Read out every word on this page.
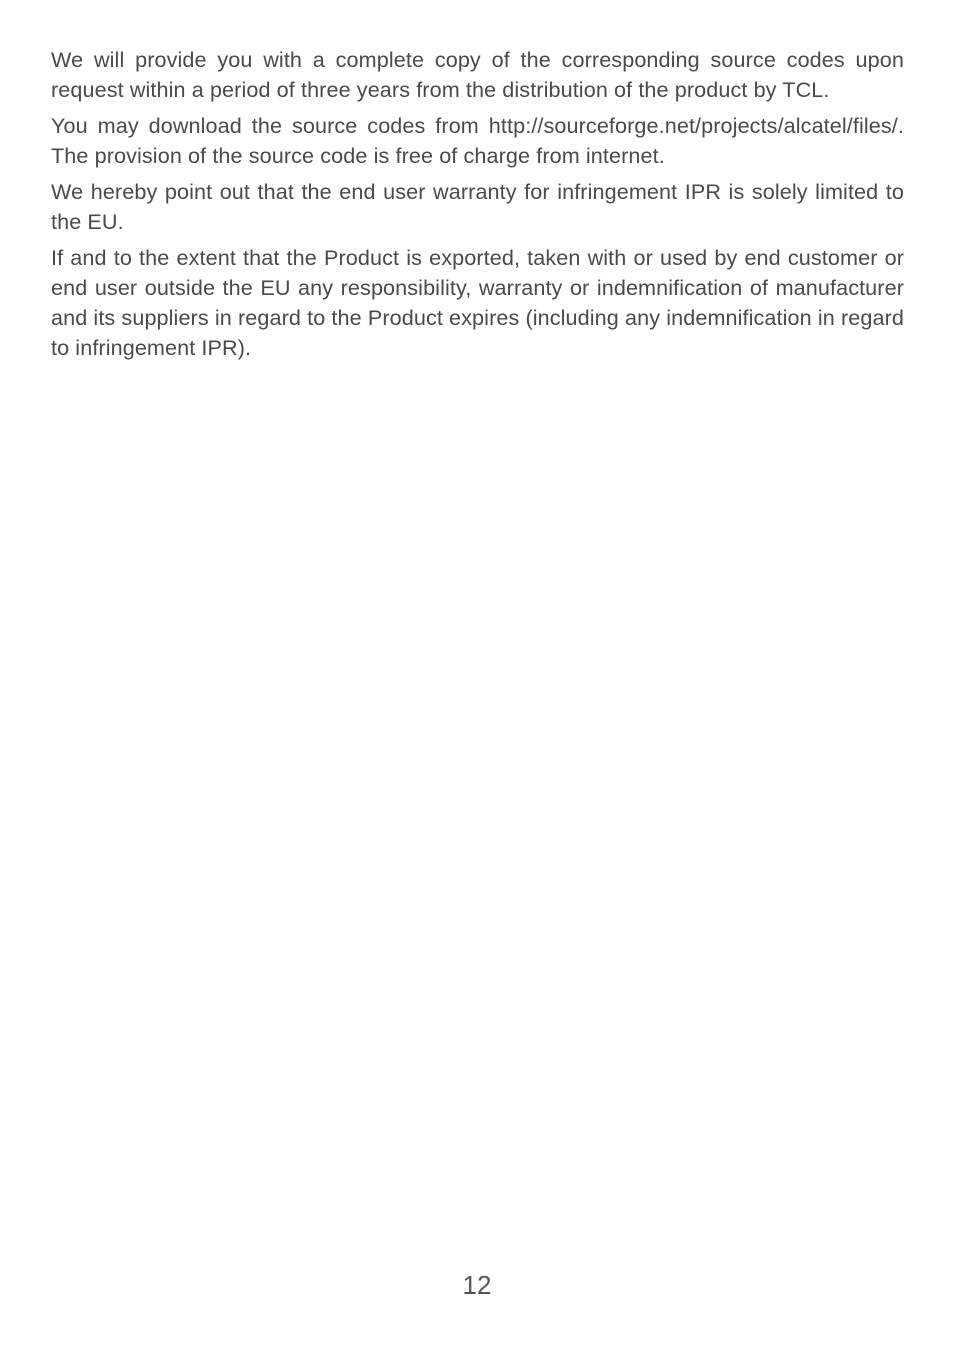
We will provide you with a complete copy of the corresponding source codes upon request within a period of three years from the distribution of the product by TCL.

You may download the source codes from http://sourceforge.net/projects/alcatel/files/. The provision of the source code is free of charge from internet.

We hereby point out that the end user warranty for infringement IPR is solely limited to the EU.

If and to the extent that the Product is exported, taken with or used by end customer or end user outside the EU any responsibility, warranty or indemnification of manufacturer and its suppliers in regard to the Product expires (including any indemnification in regard to infringement IPR).

12
